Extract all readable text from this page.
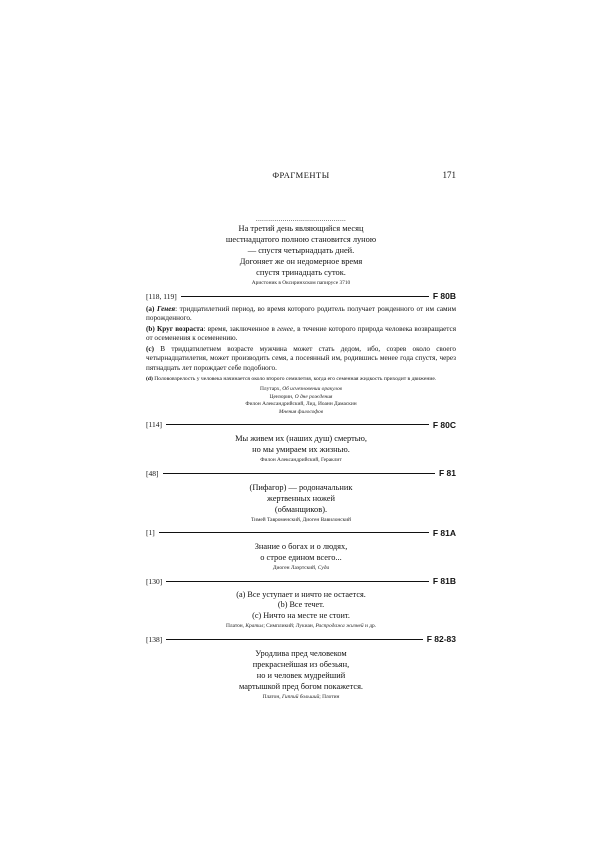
ФРАГМЕНТЫ	171
............................................
На третий день являющийся месяц
шестнадцатого полною становится луною
— спустя четырнадцать дней.
Догоняет же он недомерное время
спустя тринадцать суток.
Аристоник в Оксиринхском папирусе 3710
[118, 119]	F 80B

(а) Генея: тридцатилетний период, во время которого родитель получает рожденного от им самим порожденного.

(b) Круг возраста: время, заключенное в генее, в течение которого природа человека возвращается от осеменения к осеменению.

(с) В тридцатилетнем возрасте мужчина может стать дедом, ибо, созрев около своего четырнадцатилетия, может производить семя, а посеянный им, родившись менее года спустя, через пятнадцать лет порождает себе подобного.

(d) Полововзрелость у человека начинается около второго семилетия, когда его семенная жидкость приходит в движение.

Плутарх, Об исчезновении оракулов
Цензорин, О дне рождения
Филон Александрийский, Лид, Иоанн Дамаскин
Мнения философов
[114]	F 80C
Мы живем их (наших душ) смертью,
но мы умираем их жизнью.
Филон Александрийский, Гераклит
[48]	F 81
(Пифагор) — родоначальник
жертвенных ножей
(обманщиков).
Тимей Тавроменский, Диоген Вавилонский
[1]	F 81A
Знание о богах и о людях,
о строе едином всего...
Диоген Лаэртский, Суда
[130]	F 81B
(а) Все уступает и ничто не остается.
(b) Все течет.
(с) Ничто на месте не стоит.
Платон, Кратил; Симпликий; Лукиан, Распродажа жизней и др.
[138]	F 82-83
Уродлива пред человеком
прекраснейшая из обезьян,
но и человек мудрейший
мартышкой пред богом покажется.
Платон, Гиппий больший; Плотин
